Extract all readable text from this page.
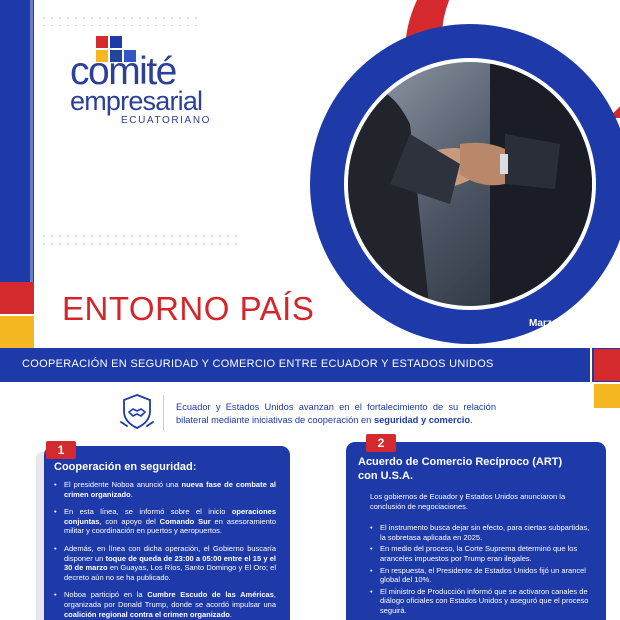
comité
empresarial
ECUATORIANO
ENTORNO PAÍS	Marzo 2026
COOPERACIÓN EN SEGURIDAD Y COMERCIO ENTRE ECUADOR Y ESTADOS UNIDOS
Ecuador y Estados Unidos avanzan en el fortalecimiento de su relación bilateral mediante iniciativas de cooperación en seguridad y comercio.
Cooperación en seguridad:
• El presidente Noboa anunció una nueva fase de combate al crimen organizado.
• En esta línea, se informó sobre el inicio operaciones conjuntas, con apoyo del Comando Sur en asesoramiento militar y coordinación en puertos y aeropuertos.
• Además, en línea con dicha operación, el Gobierno buscaría disponer un toque de queda de 23:00 a 05:00 entre el 15 y el 30 de marzo en Guayas, Los Ríos, Santo Domingo y El Oro; el decreto aún no se ha publicado.
• Noboa participó en la Cumbre Escudo de las Américas, organizada por Donald Trump, donde se acordó impulsar una coalición regional contra el crimen organizado.
1
Acuerdo de Comercio Recíproco (ART) con U.S.A.
Los gobiernos de Ecuador y Estados Unidos anunciaron la conclusión de negociaciones.
• El instrumento busca dejar sin efecto, para ciertas subpartidas, la sobretasa aplicada en 2025.
• En medio del proceso, la Corte Suprema determinó que los aranceles impuestos por Trump eran ilegales.
• En respuesta, el Presidente de Estados Unidos fijó un arancel global del 10%.
• El ministro de Producción informó que se activaron canales de diálogo oficiales con Estados Unidos y aseguró que el proceso seguirá.
2
